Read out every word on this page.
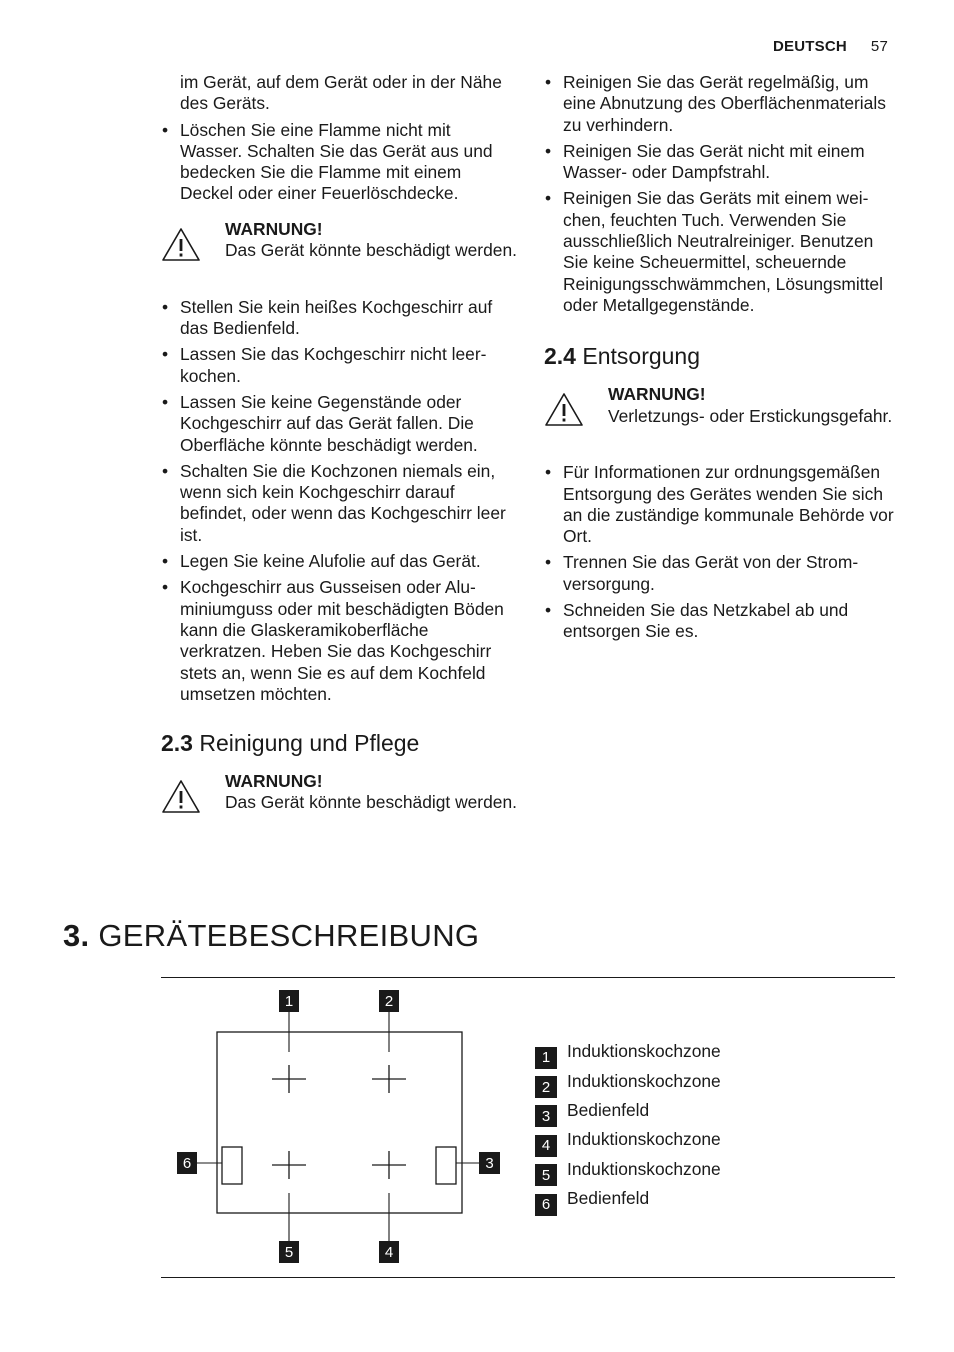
DEUTSCH 57

im Gerät, auf dem Gerät oder in der Nähe des Geräts.

• Löschen Sie eine Flamme nicht mit Wasser. Schalten Sie das Gerät aus und bedecken Sie die Flamme mit einem Deckel oder einer Feuerlöschdecke.
WARNUNG!
Das Gerät könnte beschädigt werden.
• Stellen Sie kein heißes Kochgeschirr auf das Bedienfeld.
• Lassen Sie das Kochgeschirr nicht leerkochen.
• Lassen Sie keine Gegenstände oder Kochgeschirr auf das Gerät fallen. Die Oberfläche könnte beschädigt werden.
• Schalten Sie die Kochzonen niemals ein, wenn sich kein Kochgeschirr darauf befindet, oder wenn das Kochgeschirr leer ist.
• Legen Sie keine Alufolie auf das Gerät.
• Kochgeschirr aus Gusseisen oder Aluminiumguss oder mit beschädigten Böden kann die Glaskeramikoberfläche verkratzen. Heben Sie das Kochgeschirr stets an, wenn Sie es auf dem Kochfeld umsetzen möchten.
2.3 Reinigung und Pflege
WARNUNG!
Das Gerät könnte beschädigt werden.
• Reinigen Sie das Gerät regelmäßig, um eine Abnutzung des Oberflächenmaterials zu verhindern.
• Reinigen Sie das Gerät nicht mit einem Wasser- oder Dampfstrahl.
• Reinigen Sie das Geräts mit einem weichen, feuchten Tuch. Verwenden Sie ausschließlich Neutralreiniger. Benutzen Sie keine Scheuermittel, scheuernde Reinigungsschwämmchen, Lösungsmittel oder Metallgegenstände.
2.4 Entsorgung
WARNUNG!
Verletzungs- oder Erstickungsgefahr.
• Für Informationen zur ordnungsgemäßen Entsorgung des Gerätes wenden Sie sich an die zuständige kommunale Behörde vor Ort.
• Trennen Sie das Gerät von der Stromversorgung.
• Schneiden Sie das Netzkabel ab und entsorgen Sie es.
3. GERÄTEBESCHREIBUNG
1	2
3
4
5
6
1 Induktionskochzone
2 Induktionskochzone
3 Bedienfeld
4 Induktionskochzone
5 Induktionskochzone
6 Bedienfeld
